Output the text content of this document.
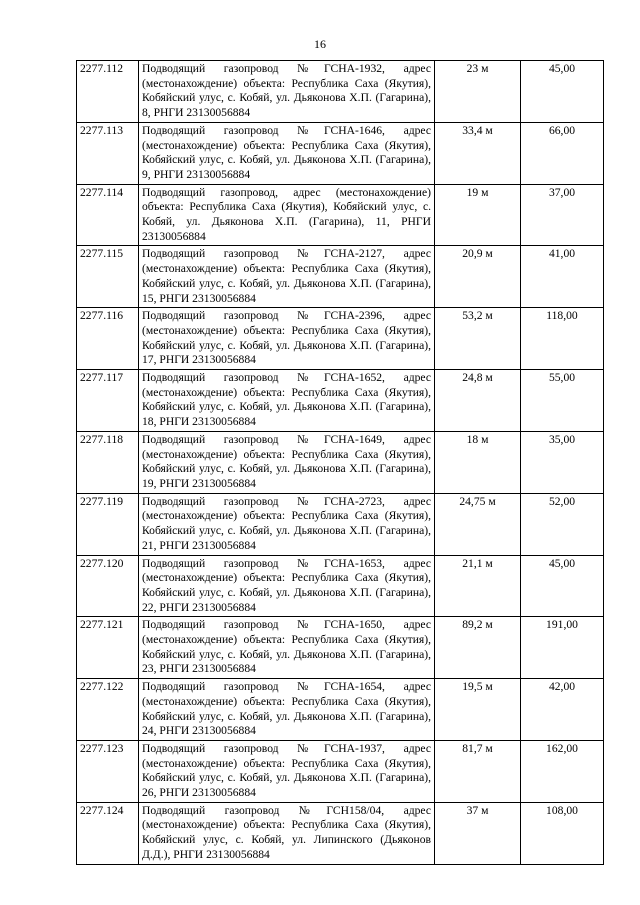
16
2277.112	Подводящий газопровод №ГСНА-1932, адрес (местонахождение) объекта: Республика Саха (Якутия), Кобяйский улус, с. Кобяй, ул. Дьяконова Х.П. (Гагарина), 8, РНГИ 23130056884	23 м	45,00
2277.113	Подводящий газопровод №ГСНА-1646, адрес (местонахождение) объекта: Республика Саха (Якутия), Кобяйский улус, с. Кобяй, ул. Дьяконова Х.П. (Гагарина), 9, РНГИ 23130056884	33,4 м	66,00
2277.114	Подводящий газопровод, адрес (местонахождение) объекта: Республика Саха (Якутия), Кобяйский улус, с. Кобяй, ул. Дьяконова Х.П. (Гагарина), 11, РНГИ 23130056884	19 м	37,00
2277.115	Подводящий газопровод №ГСНА-2127, адрес (местонахождение) объекта: Республика Саха (Якутия), Кобяйский улус, с. Кобяй, ул. Дьяконова Х.П. (Гагарина), 15, РНГИ 23130056884	20,9 м	41,00
2277.116	Подводящий газопровод №ГСНА-2396, адрес (местонахождение) объекта: Республика Саха (Якутия), Кобяйский улус, с. Кобяй, ул. Дьяконова Х.П. (Гагарина), 17, РНГИ 23130056884	53,2 м	118,00
2277.117	Подводящий газопровод №ГСНА-1652, адрес (местонахождение) объекта: Республика Саха (Якутия), Кобяйский улус, с. Кобяй, ул. Дьяконова Х.П. (Гагарина), 18, РНГИ 23130056884	24,8 м	55,00
2277.118	Подводящий газопровод №ГСНА-1649, адрес (местонахождение) объекта: Республика Саха (Якутия), Кобяйский улус, с. Кобяй, ул. Дьяконова Х.П. (Гагарина), 19, РНГИ 23130056884	18 м	35,00
2277.119	Подводящий газопровод №ГСНА-2723, адрес (местонахождение) объекта: Республика Саха (Якутия), Кобяйский улус, с. Кобяй, ул. Дьяконова Х.П. (Гагарина), 21, РНГИ 23130056884	24,75 м	52,00
2277.120	Подводящий газопровод №ГСНА-1653, адрес (местонахождение) объекта: Республика Саха (Якутия), Кобяйский улус, с. Кобяй, ул. Дьяконова Х.П. (Гагарина), 22, РНГИ 23130056884	21,1 м	45,00
2277.121	Подводящий газопровод №ГСНА-1650, адрес (местонахождение) объекта: Республика Саха (Якутия), Кобяйский улус, с. Кобяй, ул. Дьяконова Х.П. (Гагарина), 23, РНГИ 23130056884	89,2 м	191,00
2277.122	Подводящий газопровод №ГСНА-1654, адрес (местонахождение) объекта: Республика Саха (Якутия), Кобяйский улус, с. Кобяй, ул. Дьяконова Х.П. (Гагарина), 24, РНГИ 23130056884	19,5 м	42,00
2277.123	Подводящий газопровод №ГСНА-1937, адрес (местонахождение) объекта: Республика Саха (Якутия), Кобяйский улус, с. Кобяй, ул. Дьяконова Х.П. (Гагарина), 26, РНГИ 23130056884	81,7 м	162,00
2277.124	Подводящий газопровод №ГСН158/04, адрес (местонахождение) объекта: Республика Саха (Якутия), Кобяйский улус, с. Кобяй, ул. Липинского (Дьяконов Д.Д.), РНГИ 23130056884	37 м	108,00
